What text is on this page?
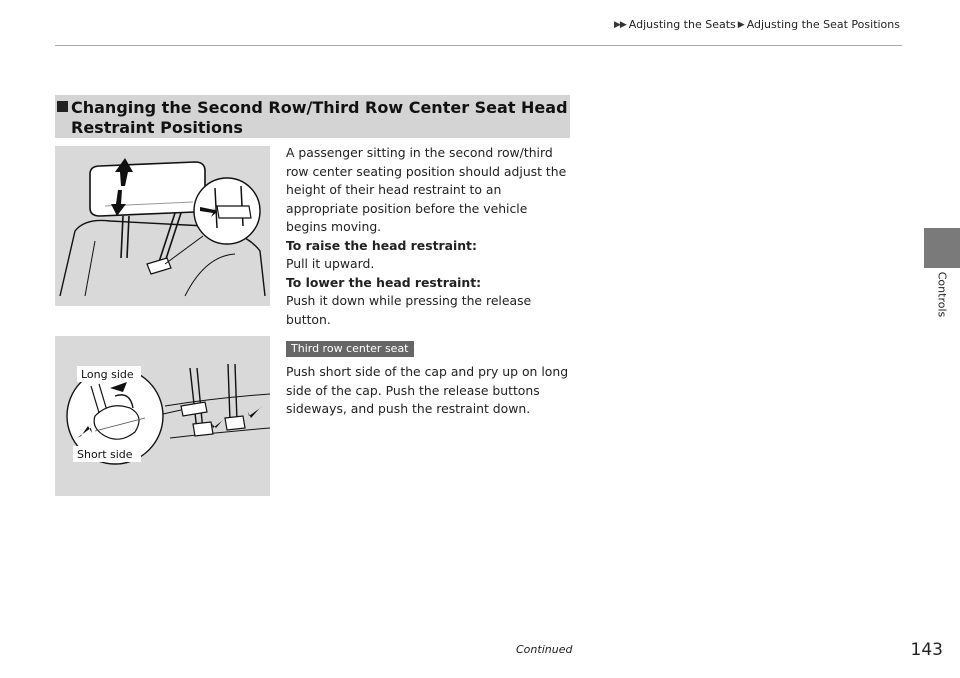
▶▶ Adjusting the Seats ▶ Adjusting the Seat Positions
Controls
Changing the Second Row/Third Row Center Seat Head
Restraint Positions
Long side
Short side

A passenger sitting in the second row/third row center seating position should adjust the height of their head restraint to an appropriate position before the vehicle begins moving.

To raise the head restraint:

Pull it upward.

To lower the head restraint:

Push it down while pressing the release button.

Third row center seat

Push short side of the cap and pry up on long side of the cap. Push the release buttons sideways, and push the restraint down.

Continued	143
